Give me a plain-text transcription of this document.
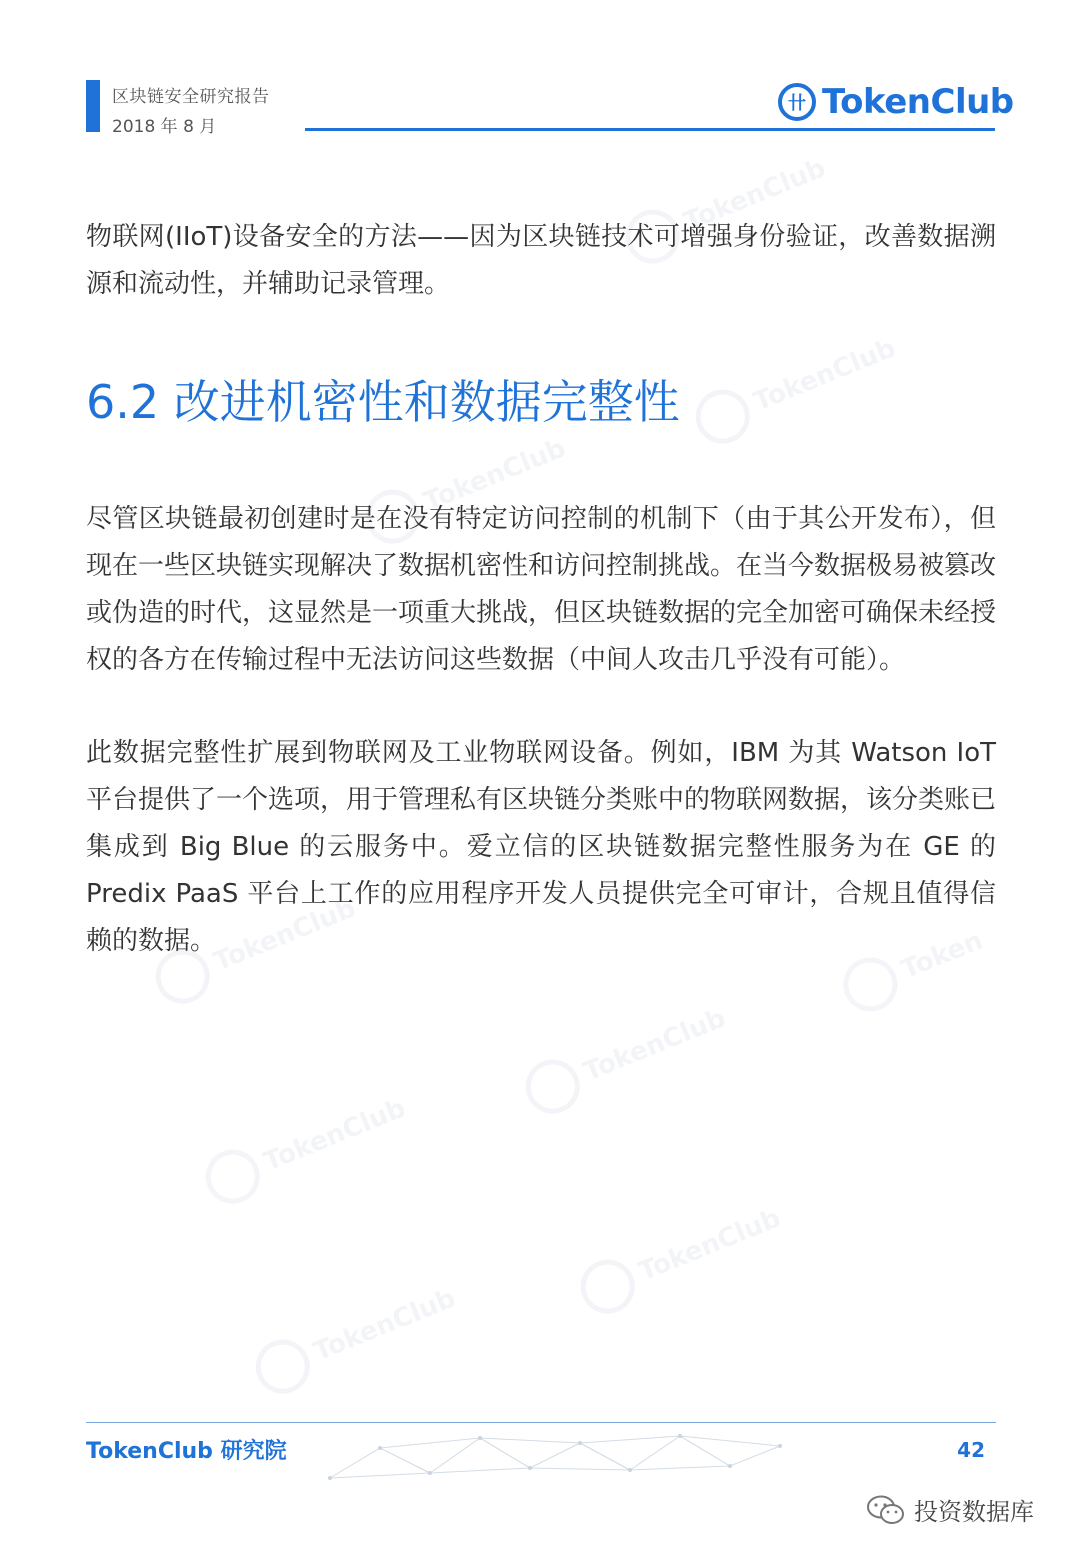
区块链安全研究报告
2018 年 8 月
卄 TokenClub
TokenClub
TokenClub
TokenClub
TokenClub	Token
TokenClub
TokenClub
TokenClub
TokenClub

物联网(IIoT)设备安全的方法——因为区块链技术可增强身份验证，改善数据溯源和流动性，并辅助记录管理。

6.2 改进机密性和数据完整性

尽管区块链最初创建时是在没有特定访问控制的机制下（由于其公开发布），但现在一些区块链实现解决了数据机密性和访问控制挑战。在当今数据极易被篡改或伪造的时代，这显然是一项重大挑战，但区块链数据的完全加密可确保未经授权的各方在传输过程中无法访问这些数据（中间人攻击几乎没有可能）。

此数据完整性扩展到物联网及工业物联网设备。例如，IBM 为其 Watson IoT 平台提供了一个选项，用于管理私有区块链分类账中的物联网数据，该分类账已集成到 Big Blue 的云服务中。爱立信的区块链数据完整性服务为在 GE 的 Predix PaaS 平台上工作的应用程序开发人员提供完全可审计，合规且值得信赖的数据。

TokenClub 研究院	42
投资数据库
